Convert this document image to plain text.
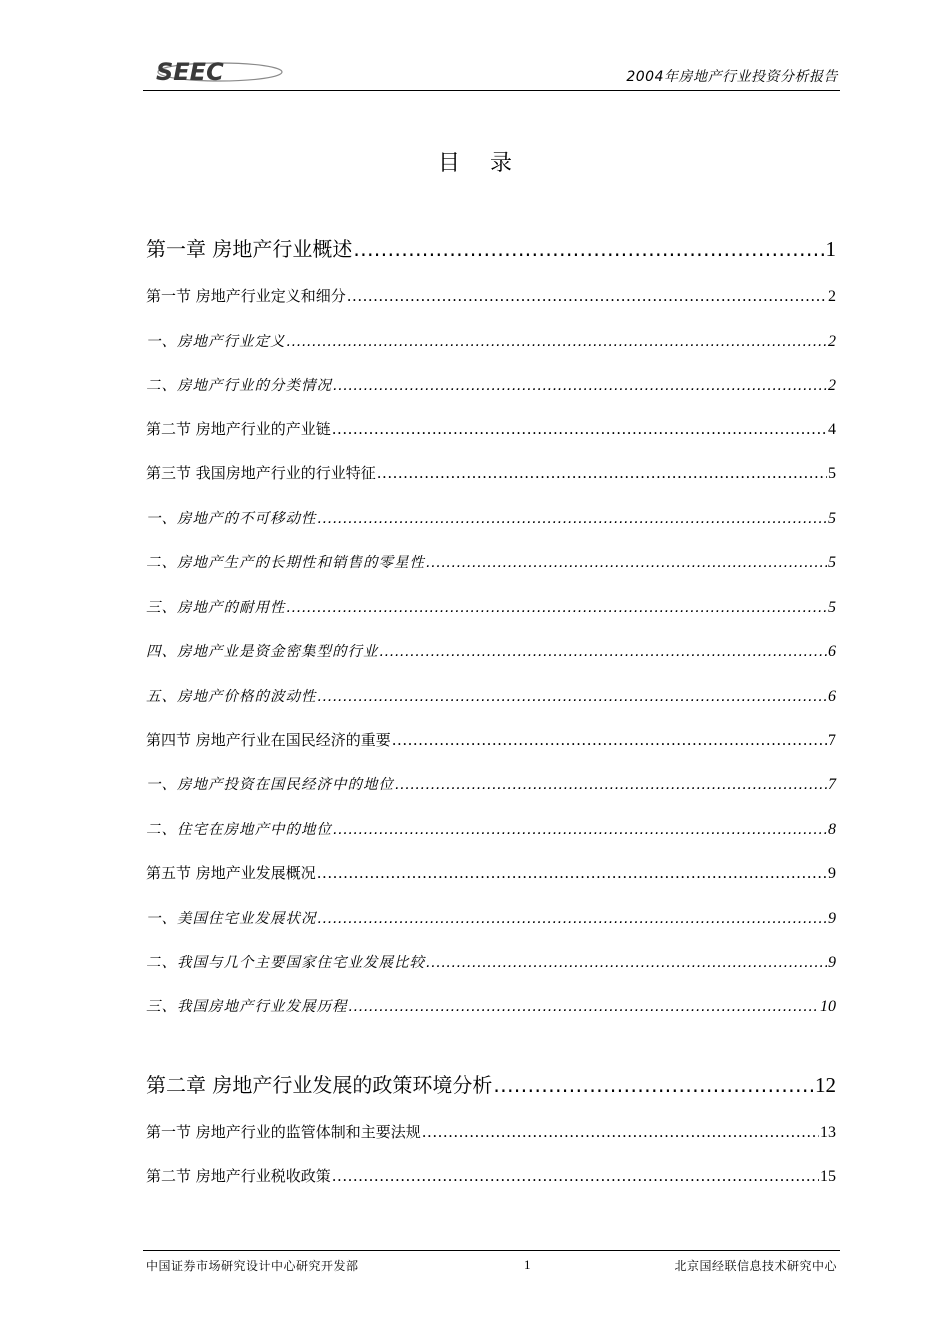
SEEC	2004年房地产行业投资分析报告
目录
第一章 房地产行业概述 .....	1
第一节 房地产行业定义和细分 .....	2
一、房地产行业定义 .....	2
二、房地产行业的分类情况 .....	2
第二节 房地产行业的产业链 .....	4
第三节 我国房地产行业的行业特征 .....	5
一、房地产的不可移动性 .....	5
二、房地产生产的长期性和销售的零星性 .....	5
三、房地产的耐用性 .....	5
四、房地产业是资金密集型的行业 .....	6
五、房地产价格的波动性 .....	6
第四节 房地产行业在国民经济的重要 .....	7
一、房地产投资在国民经济中的地位 .....	7
二、住宅在房地产中的地位 .....	8
第五节 房地产业发展概况 .....	9
一、美国住宅业发展状况 .....	9
二、我国与几个主要国家住宅业发展比较 .....	9
三、我国房地产行业发展历程 .....	10
第二章 房地产行业发展的政策环境分析 .....	12
第一节 房地产行业的监管体制和主要法规 .....	13
第二节 房地产行业税收政策 .....	15
中国证券市场研究设计中心研究开发部	1	北京国经联信息技术研究中心
